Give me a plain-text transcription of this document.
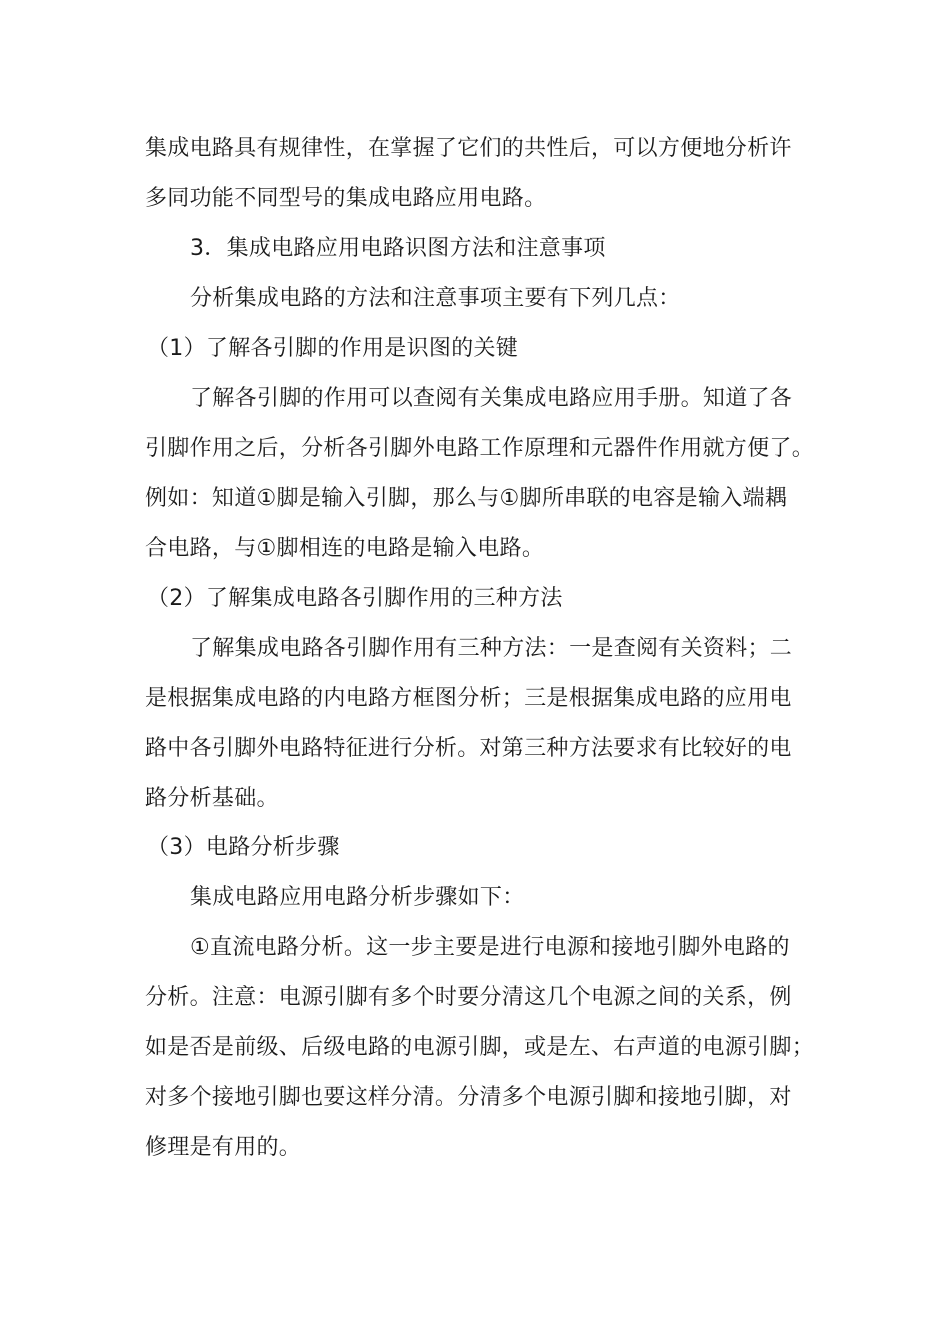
集成电路具有规律性，在掌握了它们的共性后，可以方便地分析许
多同功能不同型号的集成电路应用电路。
3．集成电路应用电路识图方法和注意事项
分析集成电路的方法和注意事项主要有下列几点：
（1）了解各引脚的作用是识图的关键
了解各引脚的作用可以查阅有关集成电路应用手册。知道了各
引脚作用之后，分析各引脚外电路工作原理和元器件作用就方便了。
例如：知道①脚是输入引脚，那么与①脚所串联的电容是输入端耦
合电路，与①脚相连的电路是输入电路。
（2）了解集成电路各引脚作用的三种方法
了解集成电路各引脚作用有三种方法：一是查阅有关资料；二
是根据集成电路的内电路方框图分析；三是根据集成电路的应用电
路中各引脚外电路特征进行分析。对第三种方法要求有比较好的电
路分析基础。
（3）电路分析步骤
集成电路应用电路分析步骤如下：
①直流电路分析。这一步主要是进行电源和接地引脚外电路的
分析。注意：电源引脚有多个时要分清这几个电源之间的关系，例
如是否是前级、后级电路的电源引脚，或是左、右声道的电源引脚；
对多个接地引脚也要这样分清。分清多个电源引脚和接地引脚，对
修理是有用的。
